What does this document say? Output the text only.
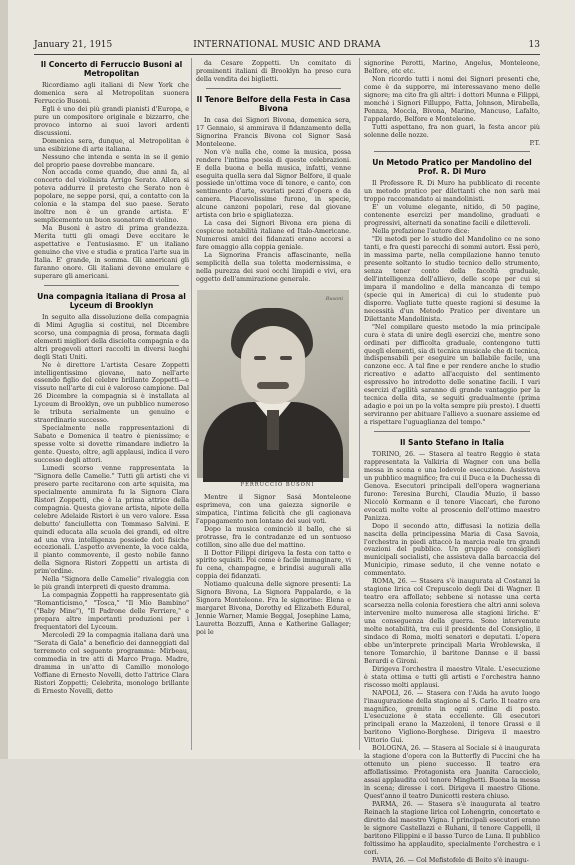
January 21, 1915	INTERNATIONAL MUSIC AND DRAMA	13
Il Concerto di Ferruccio Busoni al Metropolitan

Ricordiamo agli italiani di New York che domenica sera al Metropolitan suonera Ferruccio Busoni.

Egli è uno dei più grandi pianisti d'Europa, e pure un compositore originale e bizzarro, che provoco intorno ai suoi lavori ardenti discussioni.

Domenica sera, dunque, al Metropolitan è una esibizione di arte italiana.

Nessuno che intenda e senta in se il genio del proprio paese dovrebbe mancare.

Non accada come quando, due anni fa, al concerto del violinista Arrigo Serato. Allora si poteva addurre il pretesto che Serato non è popolare, ne seppe porsi, qui, a contatto con la colonia e la stampa del suo paese. Serato inoltre non è un grande artista. E' semplicemente un buon suonatore di violino.

Ma Busoni è astro di prima grandezza. Merita tutti gli omagi Deve eccitare le aspettative e l'entusiasmo. E' un italiano genuino che vive e studia e pratica l'arte sua in Italia. E' grande, in somma. Gli americani gli faranno onore. Gli italiani devono emulare e superare gli americani.

Una compagnia italiana di Prosa al Lyceum di Brooklyn

In seguito alla dissoluzione della compagnia di Mimi Aguglia si costitui, nel Dicembre scorso, una compagnia di prosa, formata dagli elementi migliori della disciolta compagnia e da altri pregevoli attori raccolti in diversi luoghi degli Stati Uniti.

Ne è direttore L'artista Cesare Zoppetti intelligentissimo giovane, nato nell'arte essendo figlio del celebre brillante Zoppetti—e vissuto nell'arte di cui è valoroso campione. Dal 26 Dicembre la compagnia si è installata al Lyceum di Brooklyn, ove un pubblico numeroso le tributa serialmente un genuino e straordinario successo.

Specialmente nelle rappresentazioni di Sabato e Domenica il teatro è pienissimo; e spesse volte si dovette rimandare indietro la gente. Questo, oltre, agli applausi, indica il vero successo degli attori.

Lunedi scorso venne rappresentata la "Signora delle Camelie." Tutti gli artisti che vi presero parte recitarono con arte squisita, ma specialmente ammirata fu la Signora Clara Ristori Zoppetti, che è la prima attrice della compagnia. Questa giovane artista, nipote della celebre Adelaide Ristori è un vero valore. Essa debutto' fanciulletta con Tommaso Salvini. E quindi educata alla scuola dei grandi, ed oltre ad una viva intelligenza possiede doti fisiche eccezionali. L'aspetto avvenente, la voce calda, il pianto commovente, il gesto nobile fanno della Signora Ristori Zoppetti un artista di prim'ordine.

Nella "Signora delle Camelie" rivaleggia con le più grandi interpreti di questo dramma.

La compagnia Zoppetti ha rappresentato già "Romanticismo," "Tosca," "Il Mio Bambino" ("Baby Mine"), "Il Padrone delle Ferriere," e prepara altre importanti produzioni per i frequentatori del Lyceum.

Mercoledì 29 la compagnia italiana darà una "Serata di Gala" a beneficio dei danneggiati dal terremoto col seguente programma: Mirbeau, commedia in tre atti di Marco Praga. Madre, dramma in un'atto di Camillo monologo Voffiane di Ernesto Novelli, detto l'attrice Clara Ristori Zoppetti; Celebrita, monologo brillante di Ernesto Novelli, detto

da Cesare Zoppetti. Un comitato di prominenti italiani di Brooklyn ha preso cura della vendita dei biglietti.

Il Tenore Belfore della Festa in Casa Bivona

In casa dei Signori Bivona, domenica sera, 17 Gennaio, si ammirava il fidanzamento della Signorina Francis Bivona col Signor Sasá Monteleone.

Non v'è nulla che, come la musica, possa rendere l'intima poesia di queste celebrazioni. E della buona e bella musica, infatti, venne eseguita quella sera dal Signor Belfore, il quale possiede un'ottima voce di tenore, e canto, con sentimento d'arte, svariati pezzi d'opera e da camera. Piacevolissime furono, in specie, alcune canzoni popolari, rese dal giovane artista con brio e spigliatezza.

La casa dei Signori Bivona era piena di cospicue notabilità italiane ed Italo-Americane. Numerosi amici dei fidanzati erano accorsi a fare omaggio alla coppia geniale.

La Signorina Francis affascinante, nella semplicità della sua toletta modernissima, e nella purezza dei suoi occhi limpidi e vivi, era oggetto dell'ammirazione generale.

Busoni

FERRUCCIO BUSONI

Mentre il Signor Sasá Monteleone esprimeva, con una gaiezza signorile e simpatica, l'intima felicità che gli cagionava l'appagamento non lontano dei suoi voti.

Dopo la musica cominciò il ballo, che si protrasse, fra le contradanze ed un sontuoso cotillon, sino alle due del mattino.

Il Dottor Filippi dirigeva la festa con tatto e spirito squisiti. Poi come è facile immaginare, vi fu cena, champagne, e brindisi augurali alla coppia dei fidanzati.

Notiamo qualcuna delle signore presenti: La Signora Bivona, La Signora Pappalardo, e la Signora Monteleone. Fra le signorine: Elena e margaret Bivona, Dorothy ed Elizabeth Edural, Jennie Warner, Mamie Beggal, Josephine Lama, Lauretta Bozzuffi, Anna e Katherine Gallager; poi le

signorine Perotti, Marino, Angelus, Monteleone, Belfore, etc etc.

Non ricordo tutti i nomi dei Signori presenti che, come è da supporre, mi interessavano meno delle signore; ma cito fra gli altri: i dottori Munna e Filippi, monché i Signori Filluppo, Fatta, Johnson, Mirabella, Pennza, Moccia, Bivona, Marino, Mancuso, Lafalto, l'appalardo, Belfore e Monteleone.

Tutti aspettano, fra non guari, la festa ancor più solenne delle nozze.

P.T.

Un Metodo Pratico per Mandolino del Prof. R. Di Muro

Il Professore R. Di Muro ha pubblicato di recente un metodo pratico per dilettanti che non sarà mai troppo raccomandato ai mandolinisti.

E' un volume elegante, nitido, di 50 pagine, contenente esercizi per mandolino, graduati e progressivi, alternati da sonatine facili e dilettevoli.

Nella prefazione l'autore dice:

"Di metodi per lo studio del Mandolino ce ne sono tanti, e fra questi parecchi di sommi autori. Essi però, in massima parte, nella compilazione hanno tenuto presente soltanto lo studio tecnico dello strumento, senza tener conto della facoltà graduale, dell'intelligenza dell'allievo, delle scope per cui si impara il mandolino e della mancanza di tempo (specie qui in America) di cui lo studente può disporre. Vagliate tutte queste ragioni si desume la necessità d'un Metodo Pratico per diventare un Dilettante Mandolinista.

"Nel compilare questo metodo la mia principale cura è stata di unire degli esercizi che, mentre sono ordinati per difficolta graduale, contengono tutti quegli elementi, sia di tecnica musicale che di tecnica, indispensabili per eseguire un ballabile facile, una canzone ecc. A tal fine e per rendere anche lo studio ricreativo e adatto all'acquisto del sentimento espressivo ho introdotto delle sonatine facili. I vari esercizi d'agilità saranno di grande vantaggio per la tecnica della dita, se seguiti gradualmente (prima adagio e poi un po la volta sempre più presto). I duetti serviranno per abituare l'allievo a suonare assieme ed a rispettare l'uguaglianza del tempo."

Il Santo Stefano in Italia

TORINO, 26. — Stasera al teatro Reggio è stata rappresentata la Valkiria di Wagner con una bella messa in scena e una lodevole esecuzione. Assisteva un pubblico magnifico; fra cui il Duca e la Duchessa di Genova. Esecutori principali dell'opera wagneriana furono: Teresina Burchi, Claudia Muzio, il basso Niccolò Kormann e il tenore Viaccari, che furono evocati molte volte al proscenio dell'ottimo maestro Panizza.

Dopo il secondo atto, diffusasi la notizia della nascita della principessina Maria di Casa Savoia, l'orchestra in piedi attaccò la marcia reale tra grandi ovazioni del pubblico. Un gruppo di consiglieri municipali socialisti, che assisteva dalla barcaccia del Municipio, rimase seduto, il che venne notato e commentato.

ROMA, 26. — Stasera s'è inaugurata al Costanzi la stagione lirica col Crepuscolo degli Dei di Wagner. Il teatro era affollato; sebbene si notasse una certa scarsezza nella colonia forestiera che altri anni soleva intervenire molto numerosa alle stagioni liriche. E' una conseguenza della guerra. Sono intervenute molte notabilità, tra cui il presidente del Consiglio, il sindaco di Roma, molti senatori e deputati. L'opera ebbe un'interprete principali Maria Wroblewska, il tenore Tomarchio, il baritone Dannse e il bassi Berardi e Gironi.

Dirigeva l'orchestra il maestro Vitale. L'esecuzione è stata ottima e tutti gli artisti e l'orchestra hanno riscosso molti applausi.

NAPOLI, 26. — Stasera con l'Aida ha avuto luogo l'inaugurazione della stagione al S. Carlo. Il teatro era magnifico, gremito in ogni ordine di posto. L'esecuzione è stata eccellente. Gli esecutori principali erano la Mazzoleni, il tenore Grassi e il baritono Vigliono-Borghese. Dirigeva il maestro Vittorio Gui.

BOLOGNA, 26. — Stasera al Sociale si è inaugurata la stagione d'opera con la Butterfly di Puccini che ha ottenuto un pieno successo. Il teatro era affollatissimo. Protagonista era Juanita Caracciolo, assai applaudita col tenore Minghetti. Buona la messa in scena; diresse i cori. Dirigeva il maestro Glione. Quest'anno il teatro Dunicotti restera chiuso.

PARMA, 26. — Stasera s'è inaugurata al teatro Reinach la stagione lirica col Lohengrin, concertato e diretto dal maestro Vigna. I principali esecutori erano le signore Castellazzi e Ruhani, il tenore Cappelli, il baritono Filippini e il basso Turco de Luna. Il pubblico foltissimo ha applaudito, specialmente l'orchestra e i cori.

PAVIA, 26. — Col Mefistofele di Boito s'è inaugu-
